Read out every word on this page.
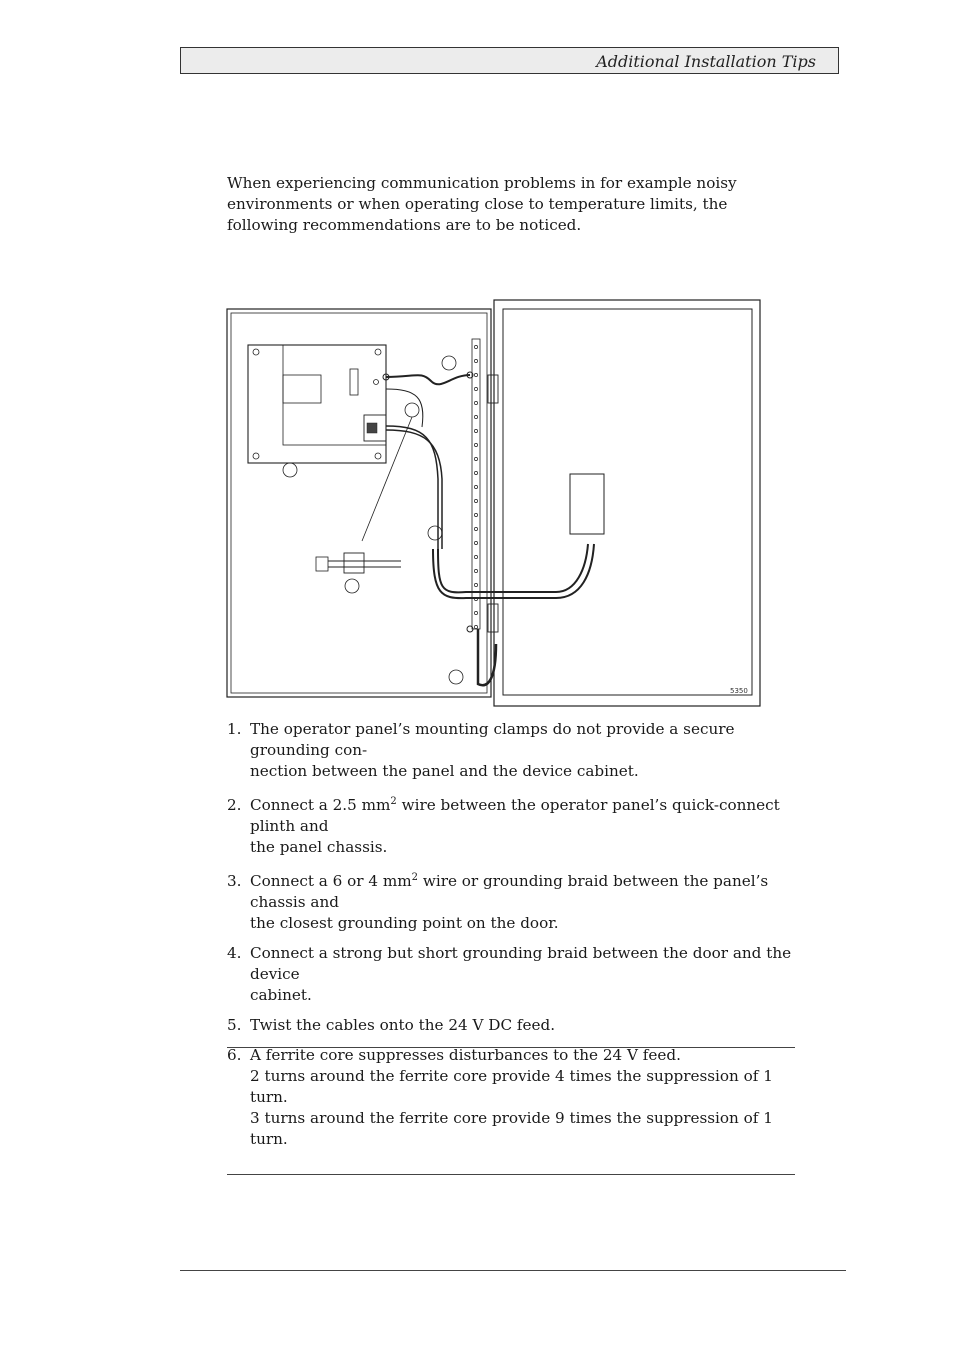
Additional Installation Tips

When experiencing communication problems in for example noisy environments or when operating close to temperature limits, the following recommendations are to be noticed.

5350
1. The operator panel’s mounting clamps do not provide a secure grounding con-
nection between the panel and the device cabinet.
2. Connect a 2.5 $mm^2$ wire between the operator panel’s quick-connect plinth and
the panel chassis.
3. Connect a 6 or 4 $mm^2$ wire or grounding braid between the panel’s chassis and
the closest grounding point on the door.
4. Connect a strong but short grounding braid between the door and the device
cabinet.
5. Twist the cables onto the 24 V DC feed.
6. A ferrite core suppresses disturbances to the 24 V feed.
2 turns around the ferrite core provide 4 times the suppression of 1 turn.
3 turns around the ferrite core provide 9 times the suppression of 1 turn.
